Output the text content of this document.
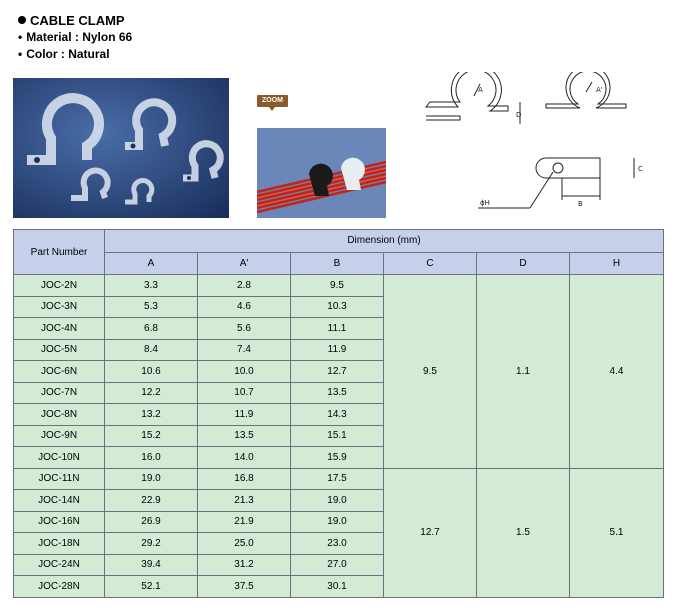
CABLE CLAMP
• Material : Nylon 66
• Color : Natural
ZOOM
A	A'
D
C
B
ϕH
Part Number	Dimension (mm)					
	A	A'	B	C	D	H
JOC-2N	3.3	2.8	9.5	9.5	1.1	4.4
JOC-3N	5.3	4.6	10.3			
JOC-4N	6.8	5.6	11.1			
JOC-5N	8.4	7.4	11.9			
JOC-6N	10.6	10.0	12.7			
JOC-7N	12.2	10.7	13.5			
JOC-8N	13.2	11.9	14.3			
JOC-9N	15.2	13.5	15.1			
JOC-10N	16.0	14.0	15.9			
JOC-11N	19.0	16.8	17.5	12.7	1.5	5.1
JOC-14N	22.9	21.3	19.0			
JOC-16N	26.9	21.9	19.0			
JOC-18N	29.2	25.0	23.0			
JOC-24N	39.4	31.2	27.0			
JOC-28N	52.1	37.5	30.1			
